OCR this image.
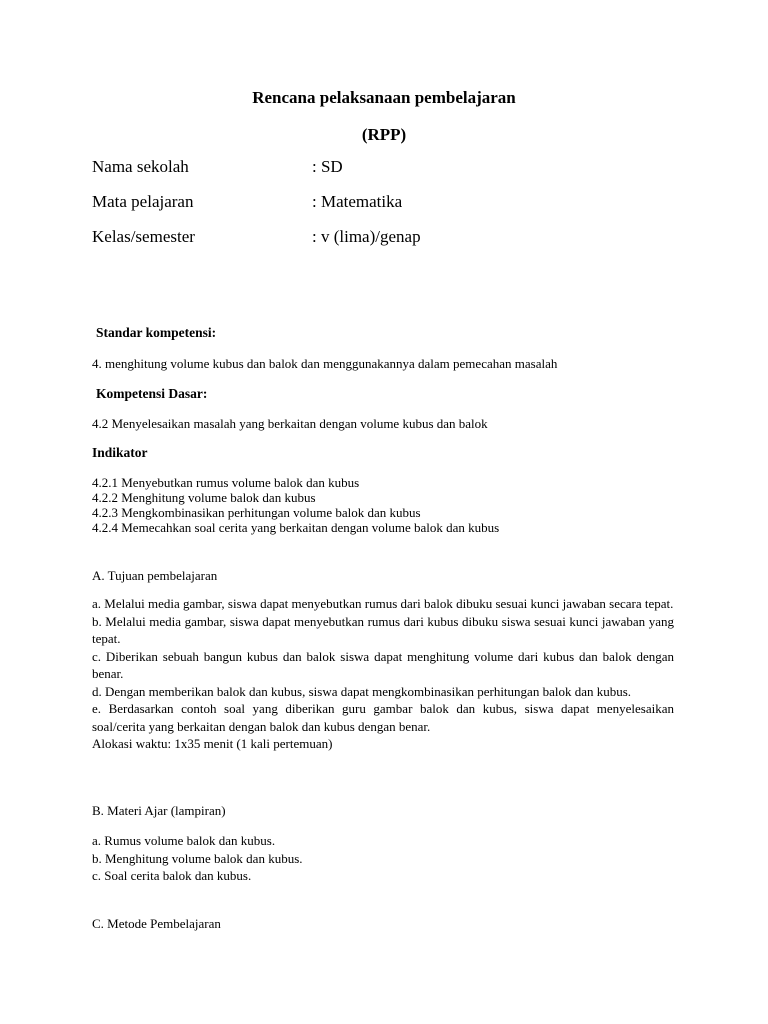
Rencana pelaksanaan pembelajaran
(RPP)
Nama sekolah	: SD
Mata pelajaran	: Matematika
Kelas/semester	: v (lima)/genap
Standar kompetensi:
4. menghitung volume kubus dan balok dan menggunakannya dalam pemecahan masalah
Kompetensi Dasar:
4.2 Menyelesaikan masalah yang berkaitan dengan volume kubus dan balok
Indikator
4.2.1 Menyebutkan rumus volume balok dan kubus
4.2.2 Menghitung volume balok dan kubus
4.2.3 Mengkombinasikan perhitungan volume balok dan kubus
4.2.4 Memecahkan soal cerita yang berkaitan dengan volume balok dan kubus
A. Tujuan pembelajaran
a. Melalui media gambar, siswa dapat menyebutkan rumus dari balok dibuku sesuai kunci jawaban secara tepat.
b. Melalui media gambar, siswa dapat menyebutkan rumus dari kubus dibuku siswa sesuai kunci jawaban yang tepat.
c. Diberikan sebuah bangun kubus dan balok siswa dapat menghitung volume dari kubus dan balok dengan benar.
d. Dengan memberikan balok dan kubus, siswa dapat mengkombinasikan perhitungan balok dan kubus.
e. Berdasarkan contoh soal yang diberikan guru gambar balok dan kubus, siswa dapat menyelesaikan soal/cerita yang berkaitan dengan balok dan kubus dengan benar.
Alokasi waktu: 1x35 menit (1 kali pertemuan)
B. Materi Ajar (lampiran)
a. Rumus volume balok dan kubus.
b. Menghitung volume balok dan kubus.
c. Soal cerita balok dan kubus.
C. Metode Pembelajaran
